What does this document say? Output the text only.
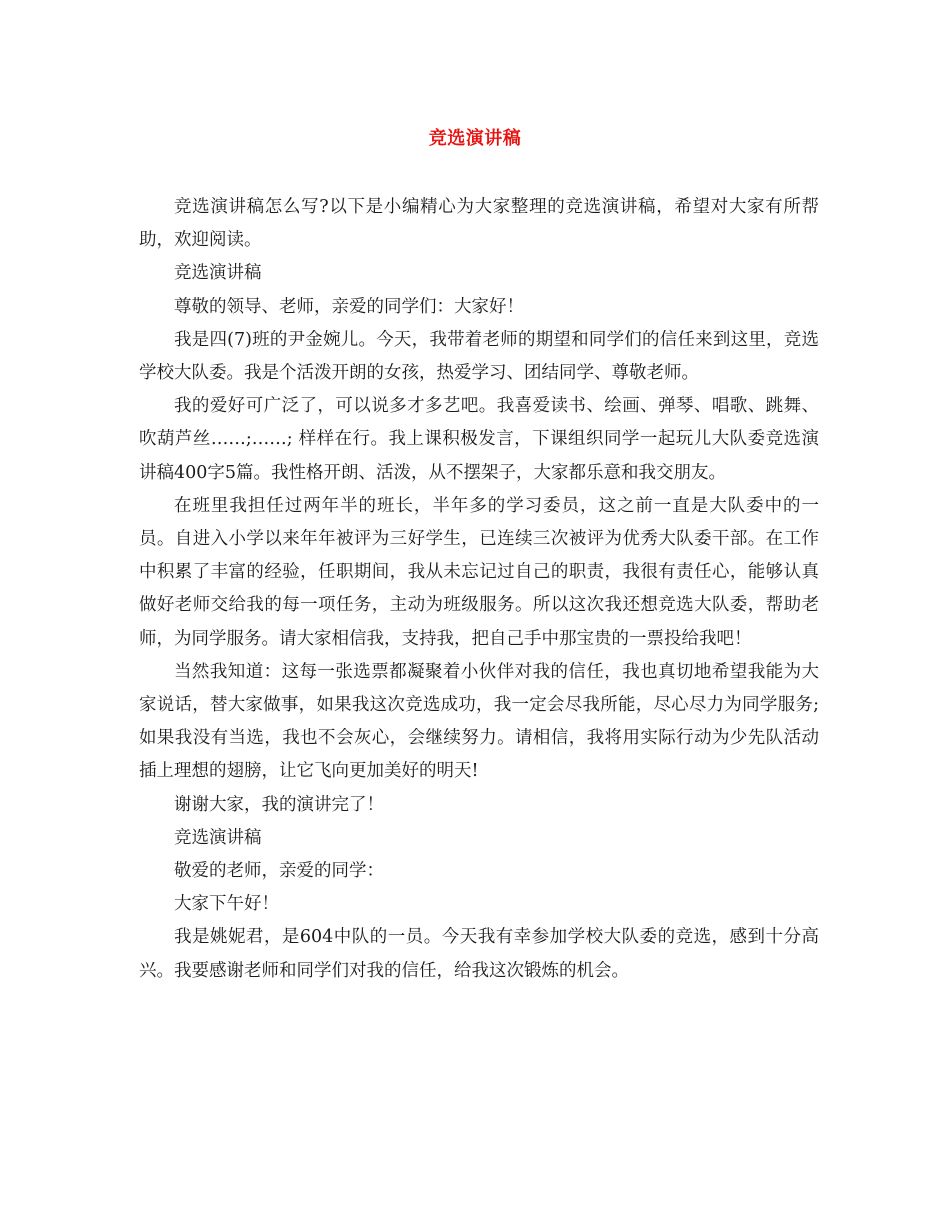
竞选演讲稿

竞选演讲稿怎么写?以下是小编精心为大家整理的竞选演讲稿，希望对大家有所帮助，欢迎阅读。

竞选演讲稿

尊敬的领导、老师，亲爱的同学们：大家好！

我是四(7)班的尹金婉儿。今天，我带着老师的期望和同学们的信任来到这里，竞选学校大队委。我是个活泼开朗的女孩，热爱学习、团结同学、尊敬老师。

我的爱好可广泛了，可以说多才多艺吧。我喜爱读书、绘画、弹琴、唱歌、跳舞、吹葫芦丝……;……; 样样在行。我上课积极发言，下课组织同学一起玩儿大队委竞选演讲稿400字5篇。我性格开朗、活泼，从不摆架子，大家都乐意和我交朋友。

在班里我担任过两年半的班长，半年多的学习委员，这之前一直是大队委中的一员。自进入小学以来年年被评为三好学生，已连续三次被评为优秀大队委干部。在工作中积累了丰富的经验，任职期间，我从未忘记过自己的职责，我很有责任心，能够认真做好老师交给我的每一项任务，主动为班级服务。所以这次我还想竞选大队委，帮助老师，为同学服务。请大家相信我，支持我，把自己手中那宝贵的一票投给我吧！

当然我知道：这每一张选票都凝聚着小伙伴对我的信任，我也真切地希望我能为大家说话，替大家做事，如果我这次竞选成功，我一定会尽我所能，尽心尽力为同学服务;如果我没有当选，我也不会灰心，会继续努力。请相信，我将用实际行动为少先队活动插上理想的翅膀，让它飞向更加美好的明天!

谢谢大家，我的演讲完了！

竞选演讲稿

敬爱的老师，亲爱的同学：

大家下午好！

我是姚妮君，是604中队的一员。今天我有幸参加学校大队委的竞选，感到十分高兴。我要感谢老师和同学们对我的信任，给我这次锻炼的机会。
